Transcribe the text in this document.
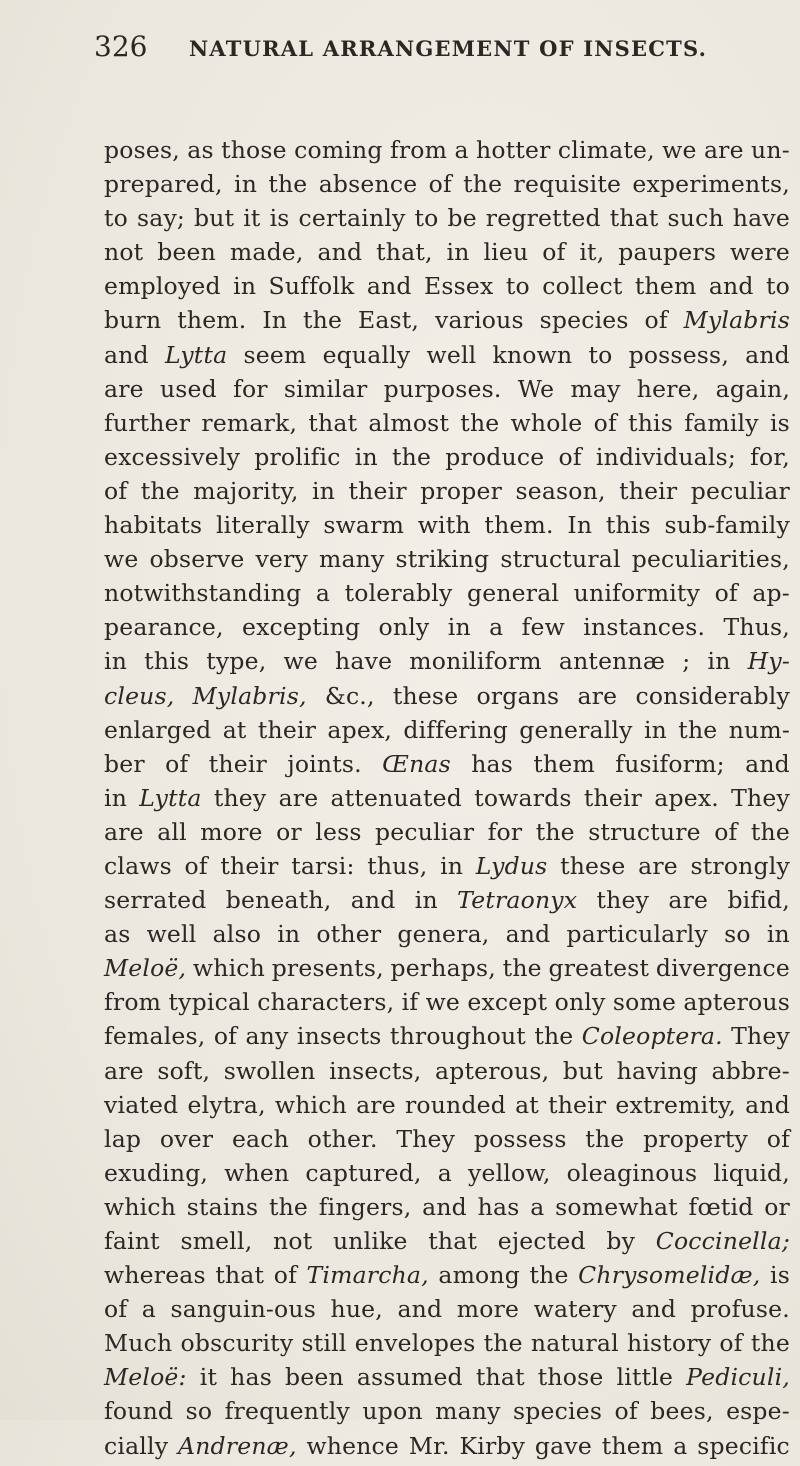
326	NATURAL ARRANGEMENT OF INSECTS.
poses, as those coming from a hotter climate, we are un-
prepared, in the absence of the requisite experiments,
to say; but it is certainly to be regretted that such have
not been made, and that, in lieu of it, paupers were
employed in Suffolk and Essex to collect them and to
burn them. In the East, various species of Mylabris
and Lytta seem equally well known to possess, and
are used for similar purposes. We may here, again,
further remark, that almost the whole of this family is
excessively prolific in the produce of individuals; for,
of the majority, in their proper season, their peculiar
habitats literally swarm with them. In this sub-family
we observe very many striking structural peculiarities,
notwithstanding a tolerably general uniformity of ap-
pearance, excepting only in a few instances. Thus,
in this type, we have moniliform antennæ ; in Hy-
cleus, Mylabris, &c., these organs are considerably
enlarged at their apex, differing generally in the num-
ber of their joints. Œnas has them fusiform; and
in Lytta they are attenuated towards their apex. They
are all more or less peculiar for the structure of the
claws of their tarsi: thus, in Lydus these are strongly
serrated beneath, and in Tetraonyx they are bifid,
as well also in other genera, and particularly so in
Meloë, which presents, perhaps, the greatest divergence
from typical characters, if we except only some apterous
females, of any insects throughout the Coleoptera. They
are soft, swollen insects, apterous, but having abbre-
viated elytra, which are rounded at their extremity, and
lap over each other. They possess the property of
exuding, when captured, a yellow, oleaginous liquid,
which stains the fingers, and has a somewhat fœtid or
faint smell, not unlike that ejected by Coccinella;
whereas that of Timarcha, among the Chrysomelidæ, is
of a sanguin-ous hue, and more watery and profuse.
Much obscurity still envelopes the natural history of the
Meloë: it has been assumed that those little Pediculi,
found so frequently upon many species of bees, espe-
cially Andrenæ, whence Mr. Kirby gave them a specific
